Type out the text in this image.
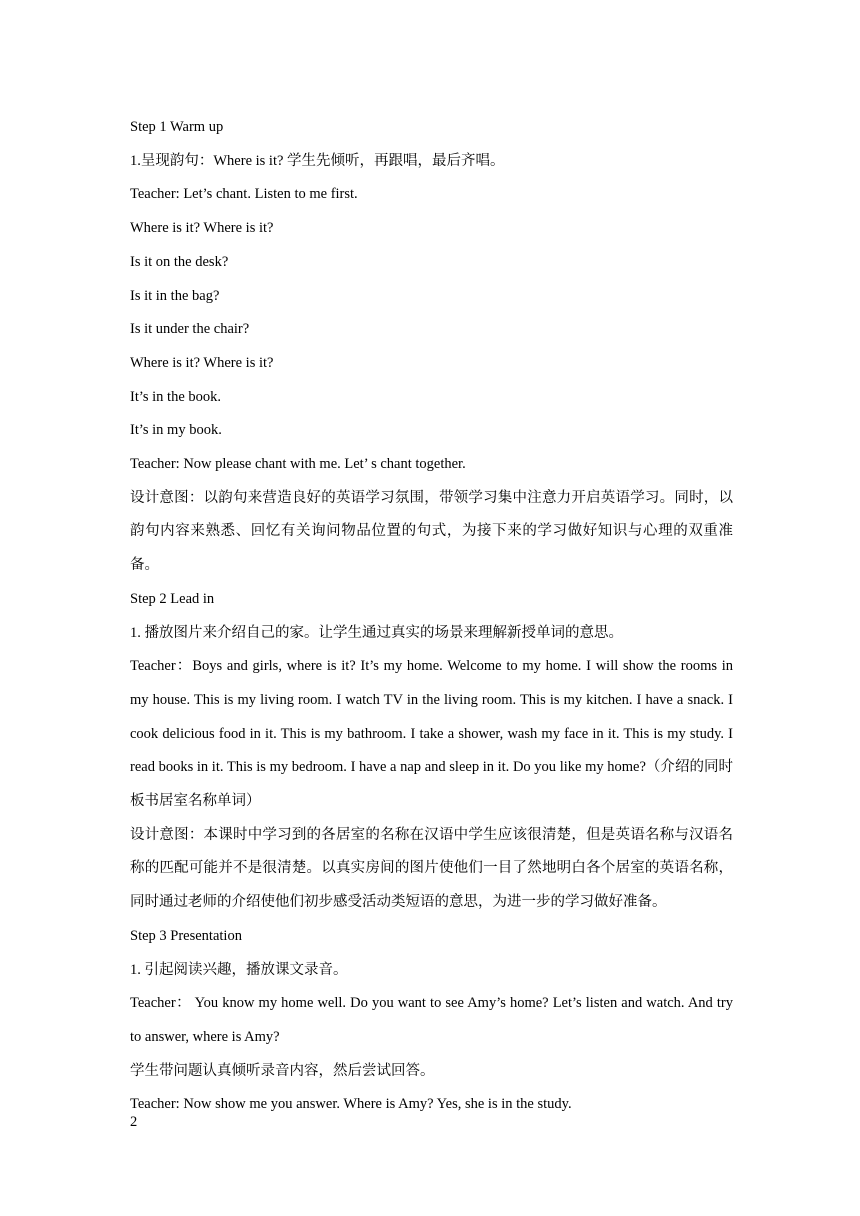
Step 1 Warm up

1.呈现韵句：Where is it? 学生先倾听，再跟唱，最后齐唱。

Teacher: Let’s chant. Listen to me first.

Where is it? Where is it?

Is it on the desk?

Is it in the bag?

Is it under the chair?

Where is it? Where is it?

It’s in the book.

It’s in my book.

Teacher: Now please chant with me. Let’ s chant together.

设计意图：以韵句来营造良好的英语学习氛围，带领学习集中注意力开启英语学习。同时，以韵句内容来熟悉、回忆有关询问物品位置的句式，为接下来的学习做好知识与心理的双重准备。

Step 2 Lead in

1. 播放图片来介绍自己的家。让学生通过真实的场景来理解新授单词的意思。

Teacher：Boys and girls, where is it? It’s my home. Welcome to my home. I will show the rooms in my house. This is my living room. I watch TV in the living room. This is my kitchen. I have a snack. I cook delicious food in it. This is my bathroom. I take a shower, wash my face in it. This is my study. I read books in it. This is my bedroom. I have a nap and sleep in it. Do you like my home?（介绍的同时板书居室名称单词）

设计意图：本课时中学习到的各居室的名称在汉语中学生应该很清楚，但是英语名称与汉语名称的匹配可能并不是很清楚。以真实房间的图片使他们一目了然地明白各个居室的英语名称，同时通过老师的介绍使他们初步感受活动类短语的意思，为进一步的学习做好准备。

Step 3 Presentation

1. 引起阅读兴趣，播放课文录音。

Teacher： You know my home well. Do you want to see Amy’s home? Let’s listen and watch. And try to answer, where is Amy?

学生带问题认真倾听录音内容，然后尝试回答。

Teacher: Now show me you answer. Where is Amy? Yes, she is in the study.

2
